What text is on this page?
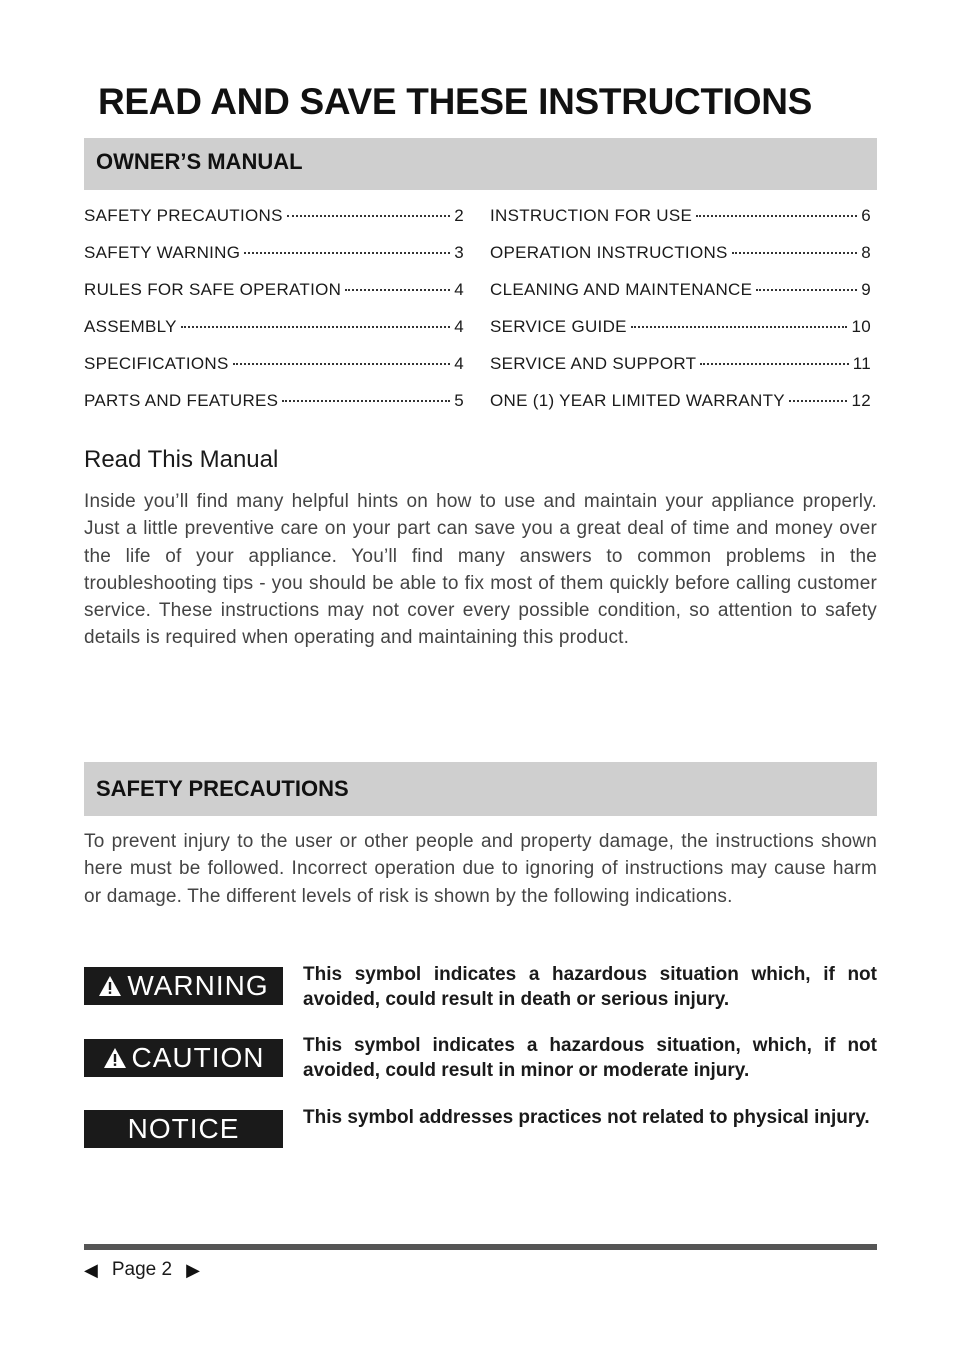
READ AND SAVE THESE INSTRUCTIONS
OWNER’S MANUAL
SAFETY PRECAUTIONS	2
SAFETY WARNING	3
RULES FOR SAFE OPERATION	4
ASSEMBLY	4
SPECIFICATIONS	4
PARTS AND FEATURES	5
INSTRUCTION FOR USE	6
OPERATION INSTRUCTIONS	8
CLEANING AND MAINTENANCE	9
SERVICE GUIDE	10
SERVICE AND SUPPORT	11
ONE (1) YEAR LIMITED WARRANTY	12
Read This Manual

Inside you’ll find many helpful hints on how to use and maintain your appliance properly. Just a little preventive care on your part can save you a great deal of time and money over the life of your appliance. You’ll find many answers to common problems in the troubleshooting tips - you should be able to fix most of them quickly before calling customer service. These instructions may not cover every possible condition, so attention to safety details is required when operating and maintaining this product.

SAFETY PRECAUTIONS

To prevent injury to the user or other people and property damage, the instructions shown here must be followed. Incorrect operation due to ignoring of instructions may cause harm or damage. The different levels of risk is shown by the following indications.

WARNING This symbol indicates a hazardous situation which, if not avoided, could result in death or serious injury.

CAUTION This symbol indicates a hazardous situation, which, if not avoided, could result in minor or moderate injury.

NOTICE	This symbol addresses practices not related to physical injury.

◀ Page 2 ▶
